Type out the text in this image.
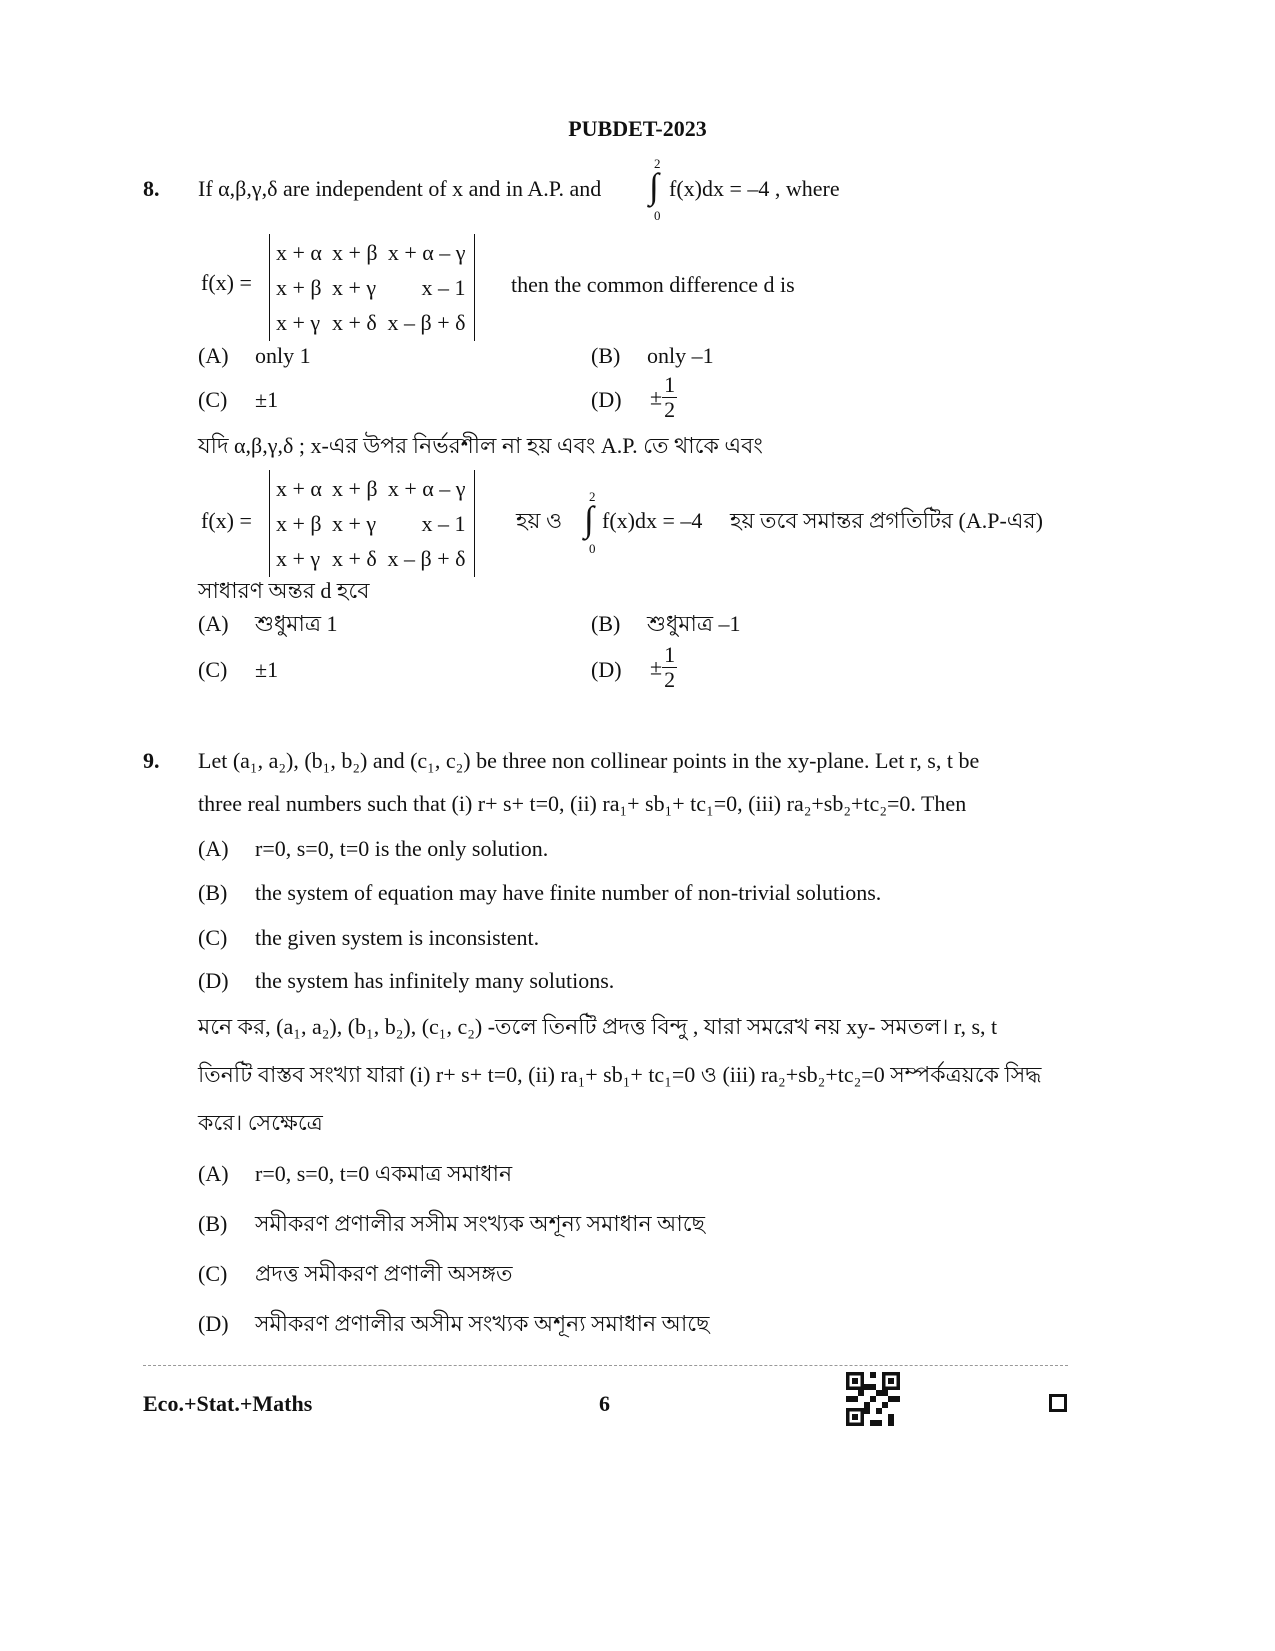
PUBDET-2023
8. If α,β,γ,δ are independent of x and in A.P. and
2
∫
0
f(x)dx = –4 , where
f(x) =
x + α	x + β	x + α – γ
x + β	x + γ	x – 1
x + γ	x + δ	x – β + δ
then the common difference d is
(A) only 1	(B) only –1
(C) ±1	$(D) \pm \frac{1}{2}$
যদি α,β,γ,δ ; x-এর উপর নির্ভরশীল না হয় এবং A.P. তে থাকে এবং
f(x) =
x + α	x + β	x + α – γ
x + β	x + γ	x – 1
x + γ	x + δ	x – β + δ
হয় ও
2
∫
0
f(x)dx = –4 হয় তবে সমান্তর প্রগতিটির (A.P-এর)
সাধারণ অন্তর d হবে
(A) শুধুমাত্র 1	(B) শুধুমাত্র –1
(C) ±1	$(D) \pm \frac{1}{2}$
9. Let (a₁, a₂), (b₁, b₂) and (c₁, c₂) be three non collinear points in the xy-plane. Let r, s, t be
three real numbers such that (i) r+ s+ t=0, (ii) ra₁+ sb₁+ tc₁=0, (iii) ra₂+sb₂+tc₂=0. Then
(A) r=0, s=0, t=0 is the only solution.
(B) the system of equation may have finite number of non-trivial solutions.
(C) the given system is inconsistent.
(D) the system has infinitely many solutions.
মনে কর, (a₁, a₂), (b₁, b₂), (c₁, c₂) -তলে তিনটি প্রদত্ত বিন্দু , যারা সমরেখ নয় xy- সমতল। r, s, t
তিনটি বাস্তব সংখ্যা যারা (i) r+ s+ t=0, (ii) ra₁+ sb₁+ tc₁=0 ও (iii) ra₂+sb₂+tc₂=0 সম্পর্কত্রয়কে সিদ্ধ
করে। সেক্ষেত্রে
(A) r=0, s=0, t=0 একমাত্র সমাধান
(B) সমীকরণ প্রণালীর সসীম সংখ্যক অশূন্য সমাধান আছে
(C) প্রদত্ত সমীকরণ প্রণালী অসঙ্গত
(D) সমীকরণ প্রণালীর অসীম সংখ্যক অশূন্য সমাধান আছে
Eco.+Stat.+Maths	6
